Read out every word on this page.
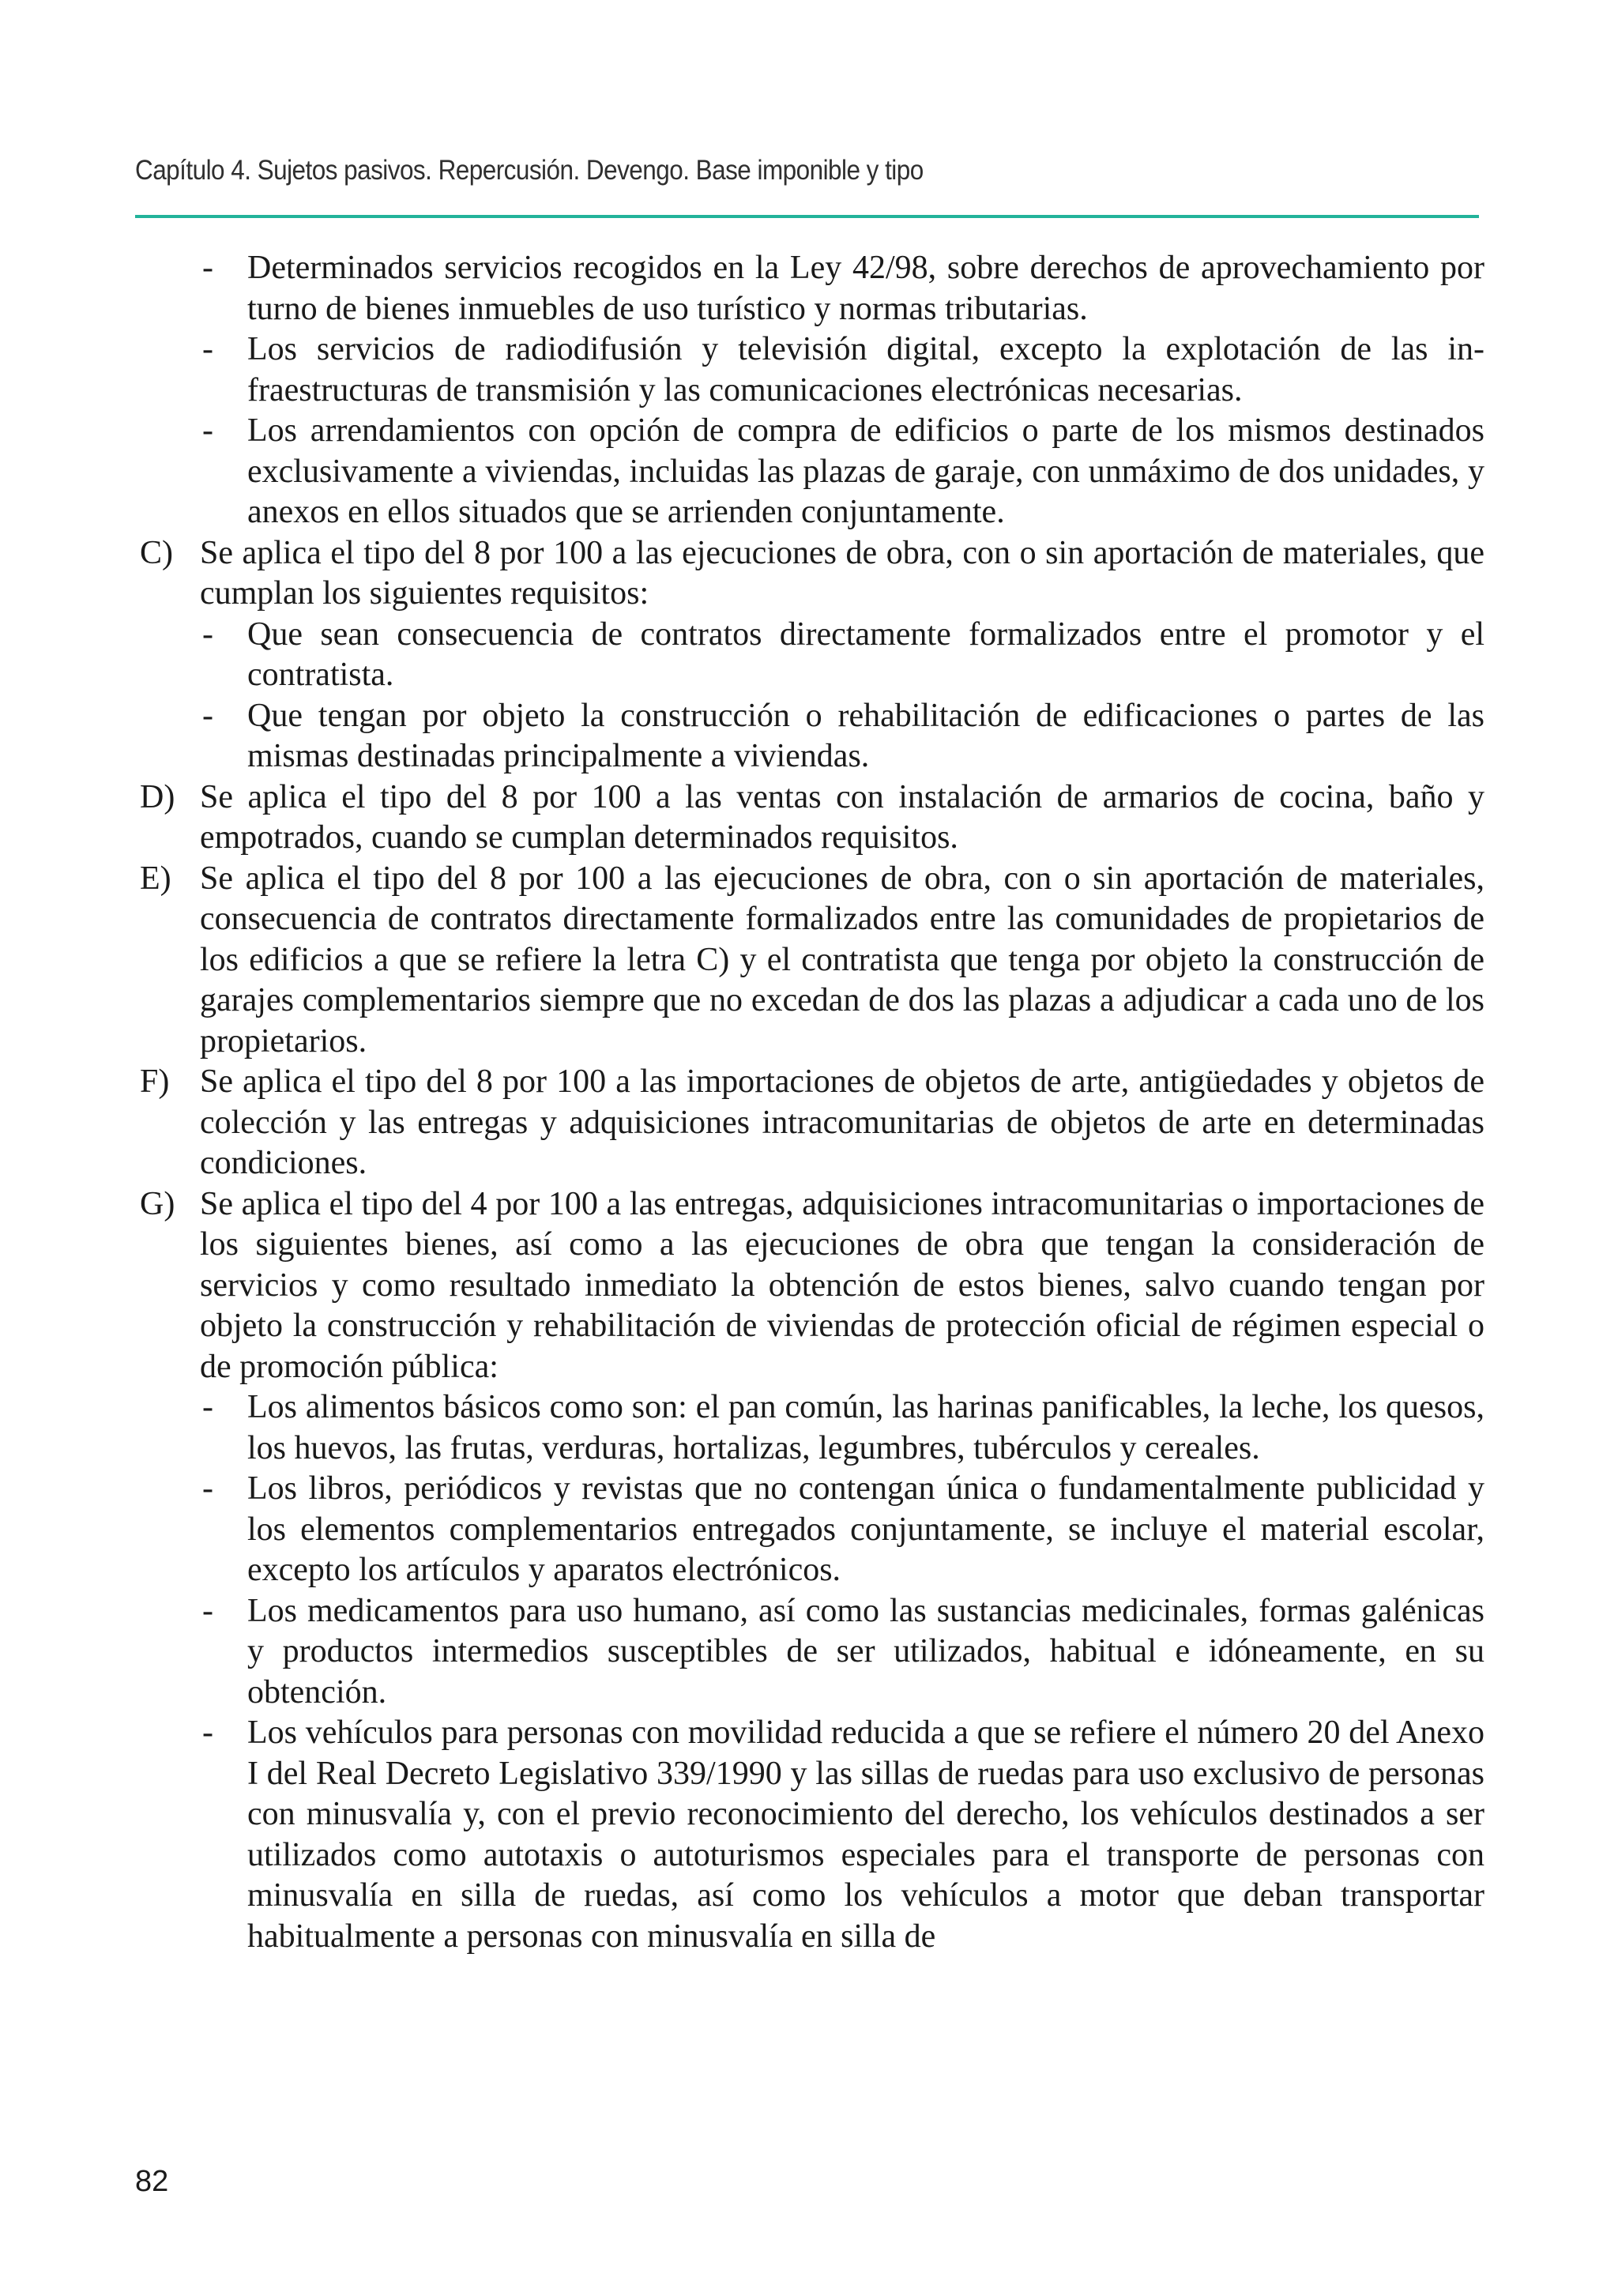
Capítulo 4. Sujetos pasivos. Repercusión. Devengo. Base imponible y tipo

- Determinados servicios recogidos en la Ley 42/98, sobre derechos de aprovechamiento por turno de bienes inmuebles de uso turístico y normas tributarias.

- Los servicios de radiodifusión y televisión digital, excepto la explotación de las infraestructuras de transmisión y las comunicaciones electrónicas necesarias.

- Los arrendamientos con opción de compra de edificios o parte de los mismos destinados exclusivamente a viviendas, incluidas las plazas de garaje, con unmáximo de dos unidades, y anexos en ellos situados que se arrienden conjuntamente.

C) Se aplica el tipo del 8 por 100 a las ejecuciones de obra, con o sin aportación de materiales, que cumplan los siguientes requisitos:

- Que sean consecuencia de contratos directamente formalizados entre el promotor y el contratista.

- Que tengan por objeto la construcción o rehabilitación de edificaciones o partes de las mismas destinadas principalmente a viviendas.

D) Se aplica el tipo del 8 por 100 a las ventas con instalación de armarios de cocina, baño y empotrados, cuando se cumplan determinados requisitos.

E) Se aplica el tipo del 8 por 100 a las ejecuciones de obra, con o sin aportación de materiales, consecuencia de contratos directamente formalizados entre las comunidades de propietarios de los edificios a que se refiere la letra C) y el contratista que tenga por objeto la construcción de garajes complementarios siempre que no excedan de dos las plazas a adjudicar a cada uno de los propietarios.

F) Se aplica el tipo del 8 por 100 a las importaciones de objetos de arte, antigüedades y objetos de colección y las entregas y adquisiciones intracomunitarias de objetos de arte en determinadas condiciones.

G) Se aplica el tipo del 4 por 100 a las entregas, adquisiciones intracomunitarias o importaciones de los siguientes bienes, así como a las ejecuciones de obra que tengan la consideración de servicios y como resultado inmediato la obtención de estos bienes, salvo cuando tengan por objeto la construcción y rehabilitación de viviendas de protección oficial de régimen especial o de promoción pública:

- Los alimentos básicos como son: el pan común, las harinas panificables, la leche, los quesos, los huevos, las frutas, verduras, hortalizas, legumbres, tubérculos y cereales.

- Los libros, periódicos y revistas que no contengan única o fundamentalmente publicidad y los elementos complementarios entregados conjuntamente, se incluye el material escolar, excepto los artículos y aparatos electrónicos.

- Los medicamentos para uso humano, así como las sustancias medicinales, formas galénicas y productos intermedios susceptibles de ser utilizados, habitual e idóneamente, en su obtención.

- Los vehículos para personas con movilidad reducida a que se refiere el número 20 del Anexo I del Real Decreto Legislativo 339/1990 y las sillas de ruedas para uso exclusivo de personas con minusvalía y, con el previo reconocimiento del derecho, los vehículos destinados a ser utilizados como autotaxis o autoturismos especiales para el transporte de personas con minusvalía en silla de ruedas, así como los vehículos a motor que deban transportar habitualmente a personas con minusvalía en silla de

82
